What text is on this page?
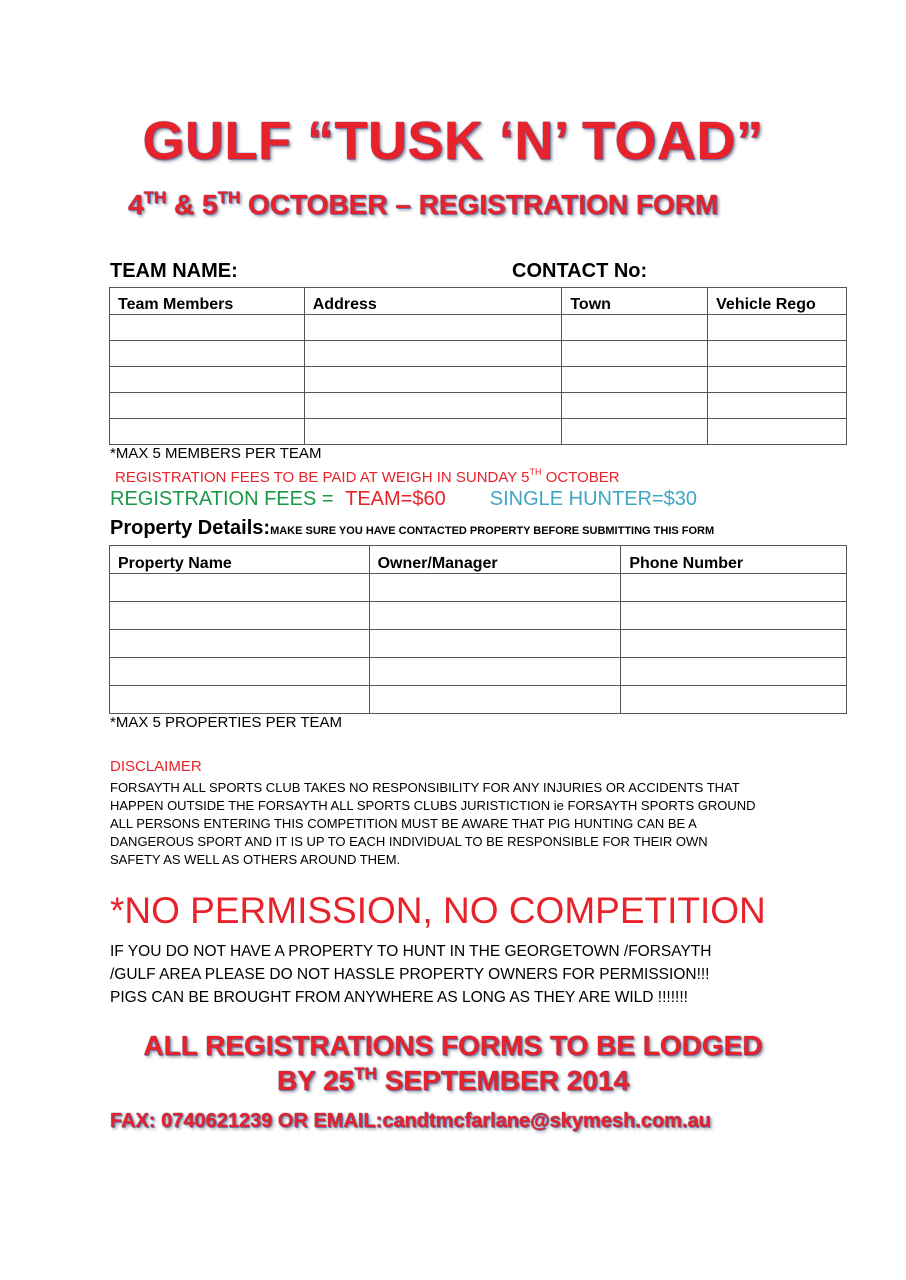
GULF “TUSK ‘N’ TOAD”
4TH & 5TH OCTOBER – REGISTRATION FORM
TEAM NAME:	CONTACT No:
Team Members	Address	Town	Vehicle Rego

*MAX 5 MEMBERS PER TEAM
REGISTRATION FEES TO BE PAID AT WEIGH IN SUNDAY 5TH OCTOBER
REGISTRATION FEES = TEAM=$60 SINGLE HUNTER=$30
Property Details:MAKE SURE YOU HAVE CONTACTED PROPERTY BEFORE SUBMITTING THIS FORM
Property Name	Owner/Manager	Phone Number

*MAX 5 PROPERTIES PER TEAM
DISCLAIMER
FORSAYTH ALL SPORTS CLUB TAKES NO RESPONSIBILITY FOR ANY INJURIES OR ACCIDENTS THAT
HAPPEN OUTSIDE THE FORSAYTH ALL SPORTS CLUBS JURISTICTION ie FORSAYTH SPORTS GROUND
ALL PERSONS ENTERING THIS COMPETITION MUST BE AWARE THAT PIG HUNTING CAN BE A
DANGEROUS SPORT AND IT IS UP TO EACH INDIVIDUAL TO BE RESPONSIBLE FOR THEIR OWN
SAFETY AS WELL AS OTHERS AROUND THEM.
*NO PERMISSION, NO COMPETITION
IF YOU DO NOT HAVE A PROPERTY TO HUNT IN THE GEORGETOWN /FORSAYTH
/GULF AREA PLEASE DO NOT HASSLE PROPERTY OWNERS FOR PERMISSION!!!
PIGS CAN BE BROUGHT FROM ANYWHERE AS LONG AS THEY ARE WILD !!!!!!!
ALL REGISTRATIONS FORMS TO BE LODGED
BY 25TH SEPTEMBER 2014
FAX: 0740621239 OR EMAIL:candtmcfarlane@skymesh.com.au
